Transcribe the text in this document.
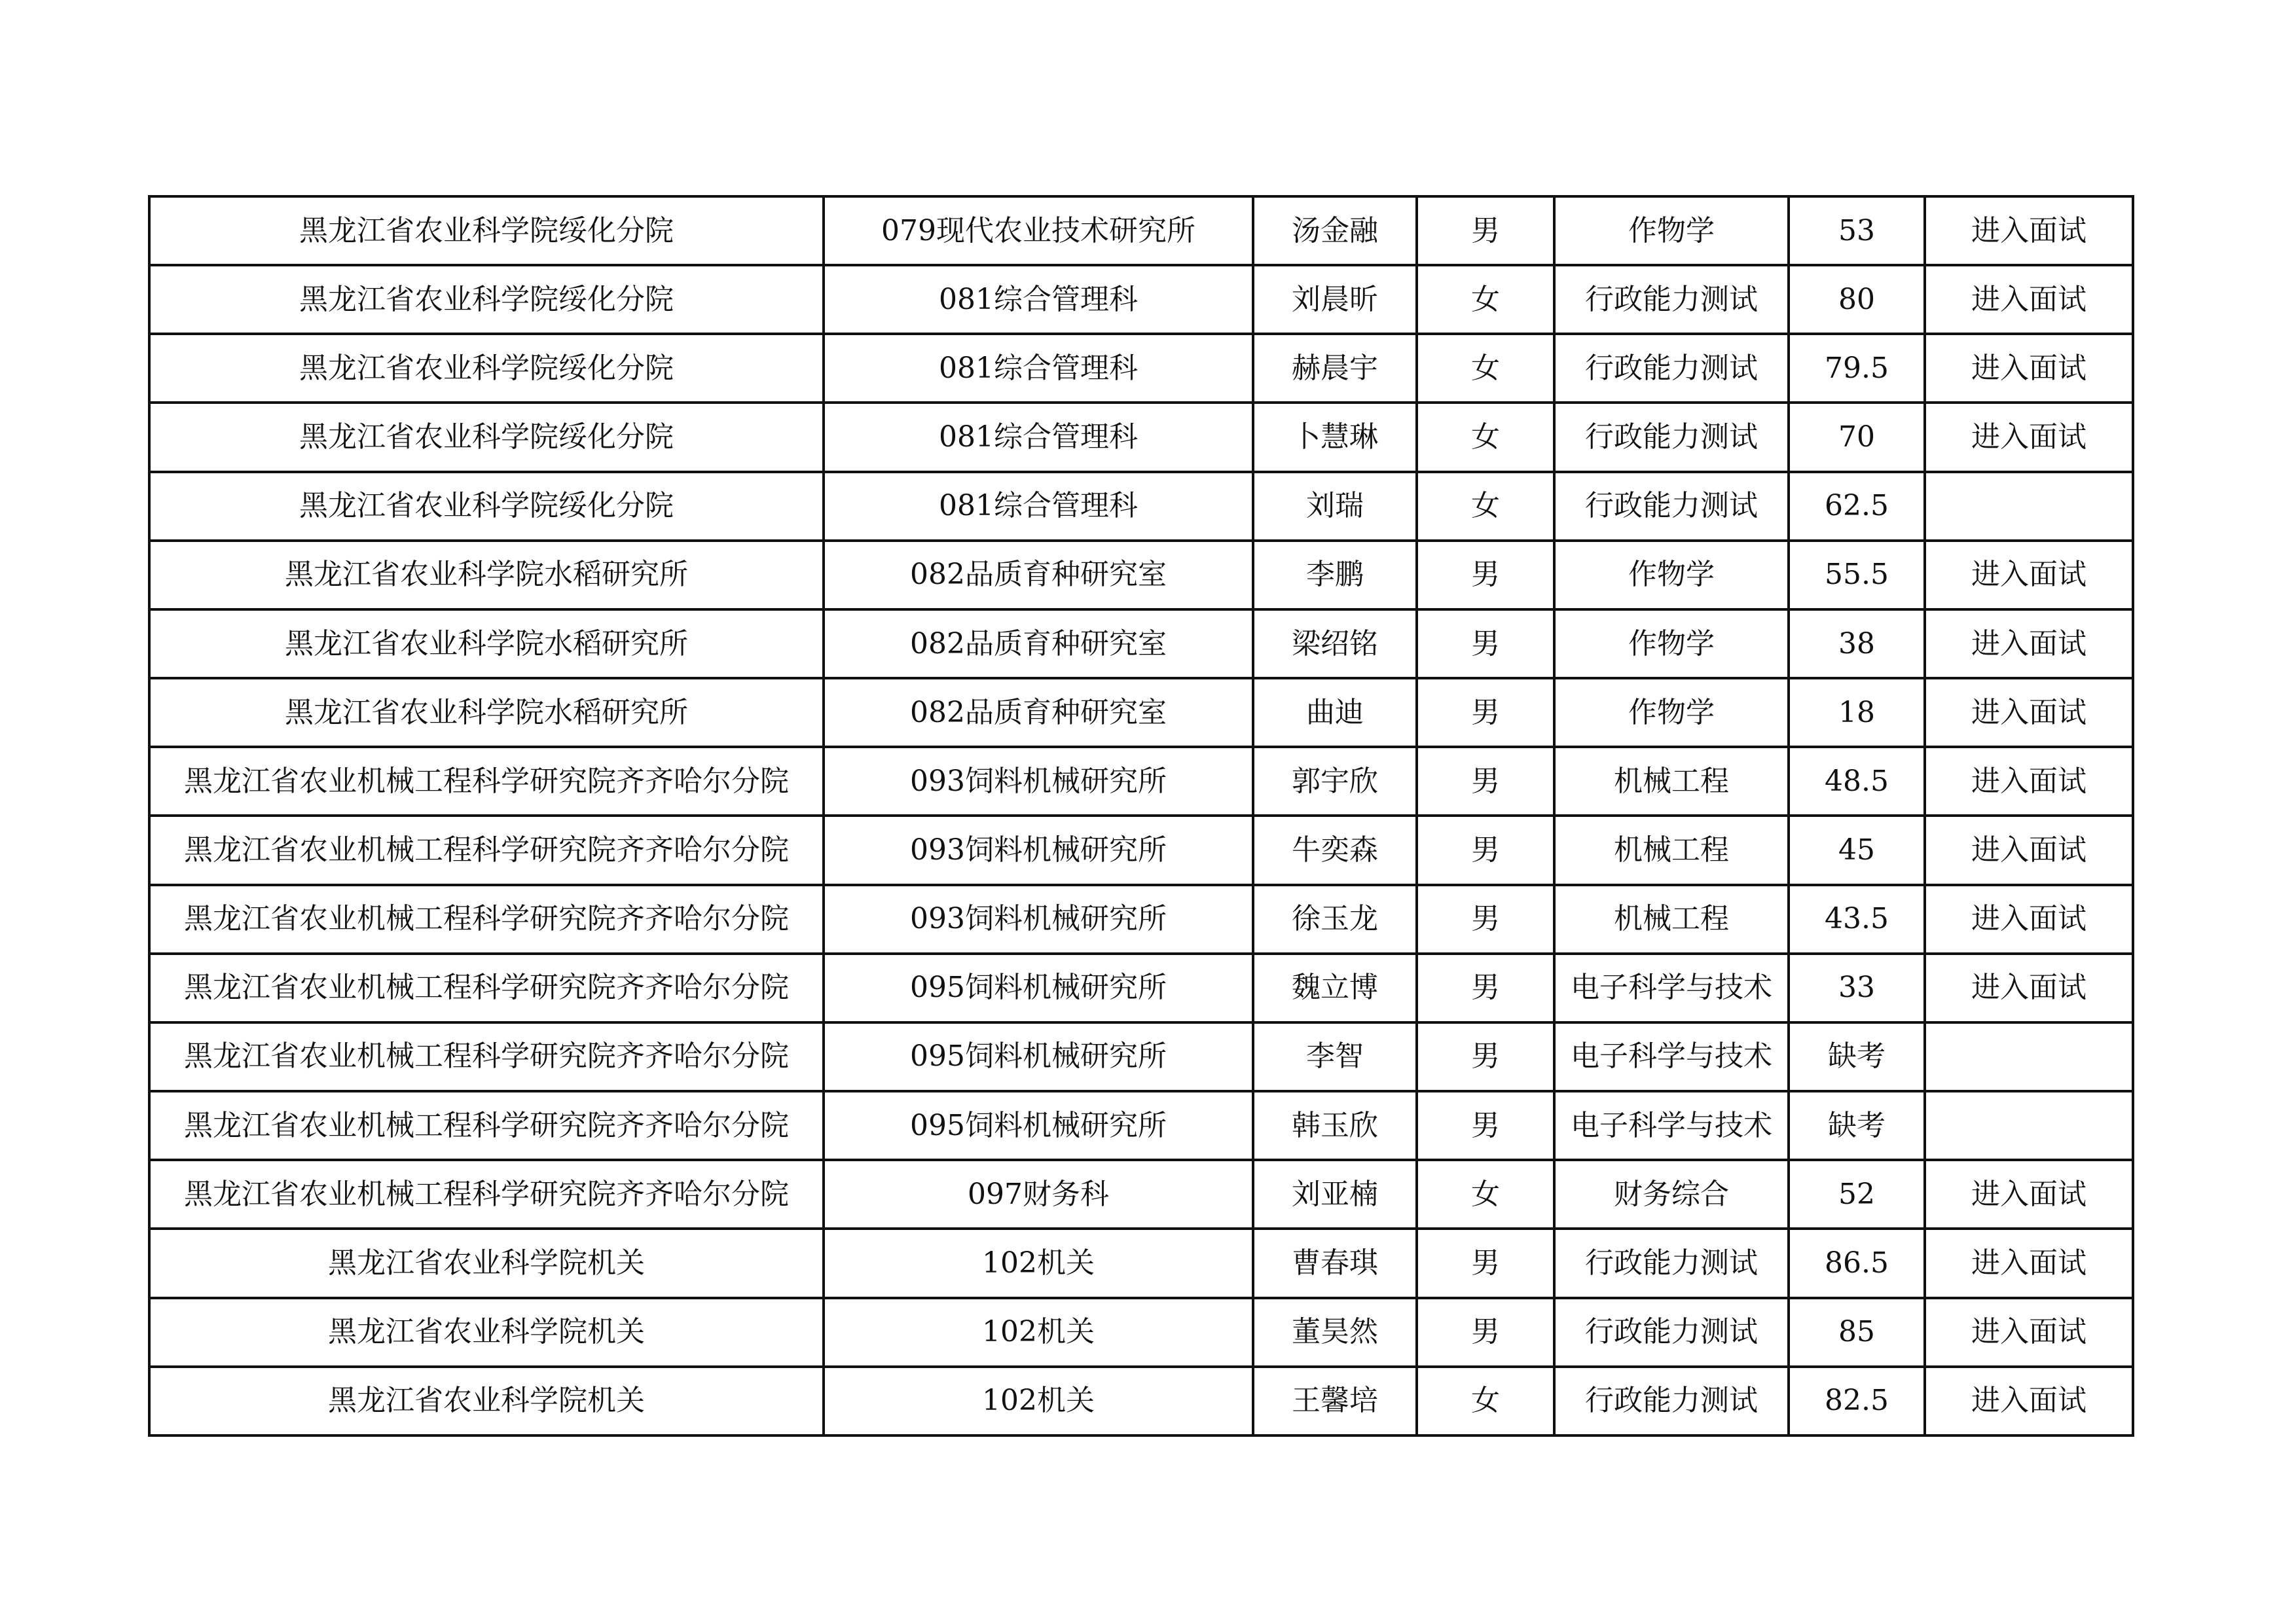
黑龙江省农业科学院绥化分院	079现代农业技术研究所	汤金融	男	作物学	53	进入面试
黑龙江省农业科学院绥化分院	081综合管理科	刘晨昕	女	行政能力测试	80	进入面试
黑龙江省农业科学院绥化分院	081综合管理科	赫晨宇	女	行政能力测试	79.5	进入面试
黑龙江省农业科学院绥化分院	081综合管理科	卜慧琳	女	行政能力测试	70	进入面试
黑龙江省农业科学院绥化分院	081综合管理科	刘瑞	女	行政能力测试	62.5	
黑龙江省农业科学院水稻研究所	082品质育种研究室	李鹏	男	作物学	55.5	进入面试
黑龙江省农业科学院水稻研究所	082品质育种研究室	梁绍铭	男	作物学	38	进入面试
黑龙江省农业科学院水稻研究所	082品质育种研究室	曲迪	男	作物学	18	进入面试
黑龙江省农业机械工程科学研究院齐齐哈尔分院	093饲料机械研究所	郭宇欣	男	机械工程	48.5	进入面试
黑龙江省农业机械工程科学研究院齐齐哈尔分院	093饲料机械研究所	牛奕森	男	机械工程	45	进入面试
黑龙江省农业机械工程科学研究院齐齐哈尔分院	093饲料机械研究所	徐玉龙	男	机械工程	43.5	进入面试
黑龙江省农业机械工程科学研究院齐齐哈尔分院	095饲料机械研究所	魏立博	男	电子科学与技术	33	进入面试
黑龙江省农业机械工程科学研究院齐齐哈尔分院	095饲料机械研究所	李智	男	电子科学与技术	缺考	
黑龙江省农业机械工程科学研究院齐齐哈尔分院	095饲料机械研究所	韩玉欣	男	电子科学与技术	缺考	
黑龙江省农业机械工程科学研究院齐齐哈尔分院	097财务科	刘亚楠	女	财务综合	52	进入面试
黑龙江省农业科学院机关	102机关	曹春琪	男	行政能力测试	86.5	进入面试
黑龙江省农业科学院机关	102机关	董昊然	男	行政能力测试	85	进入面试
黑龙江省农业科学院机关	102机关	王馨培	女	行政能力测试	82.5	进入面试
